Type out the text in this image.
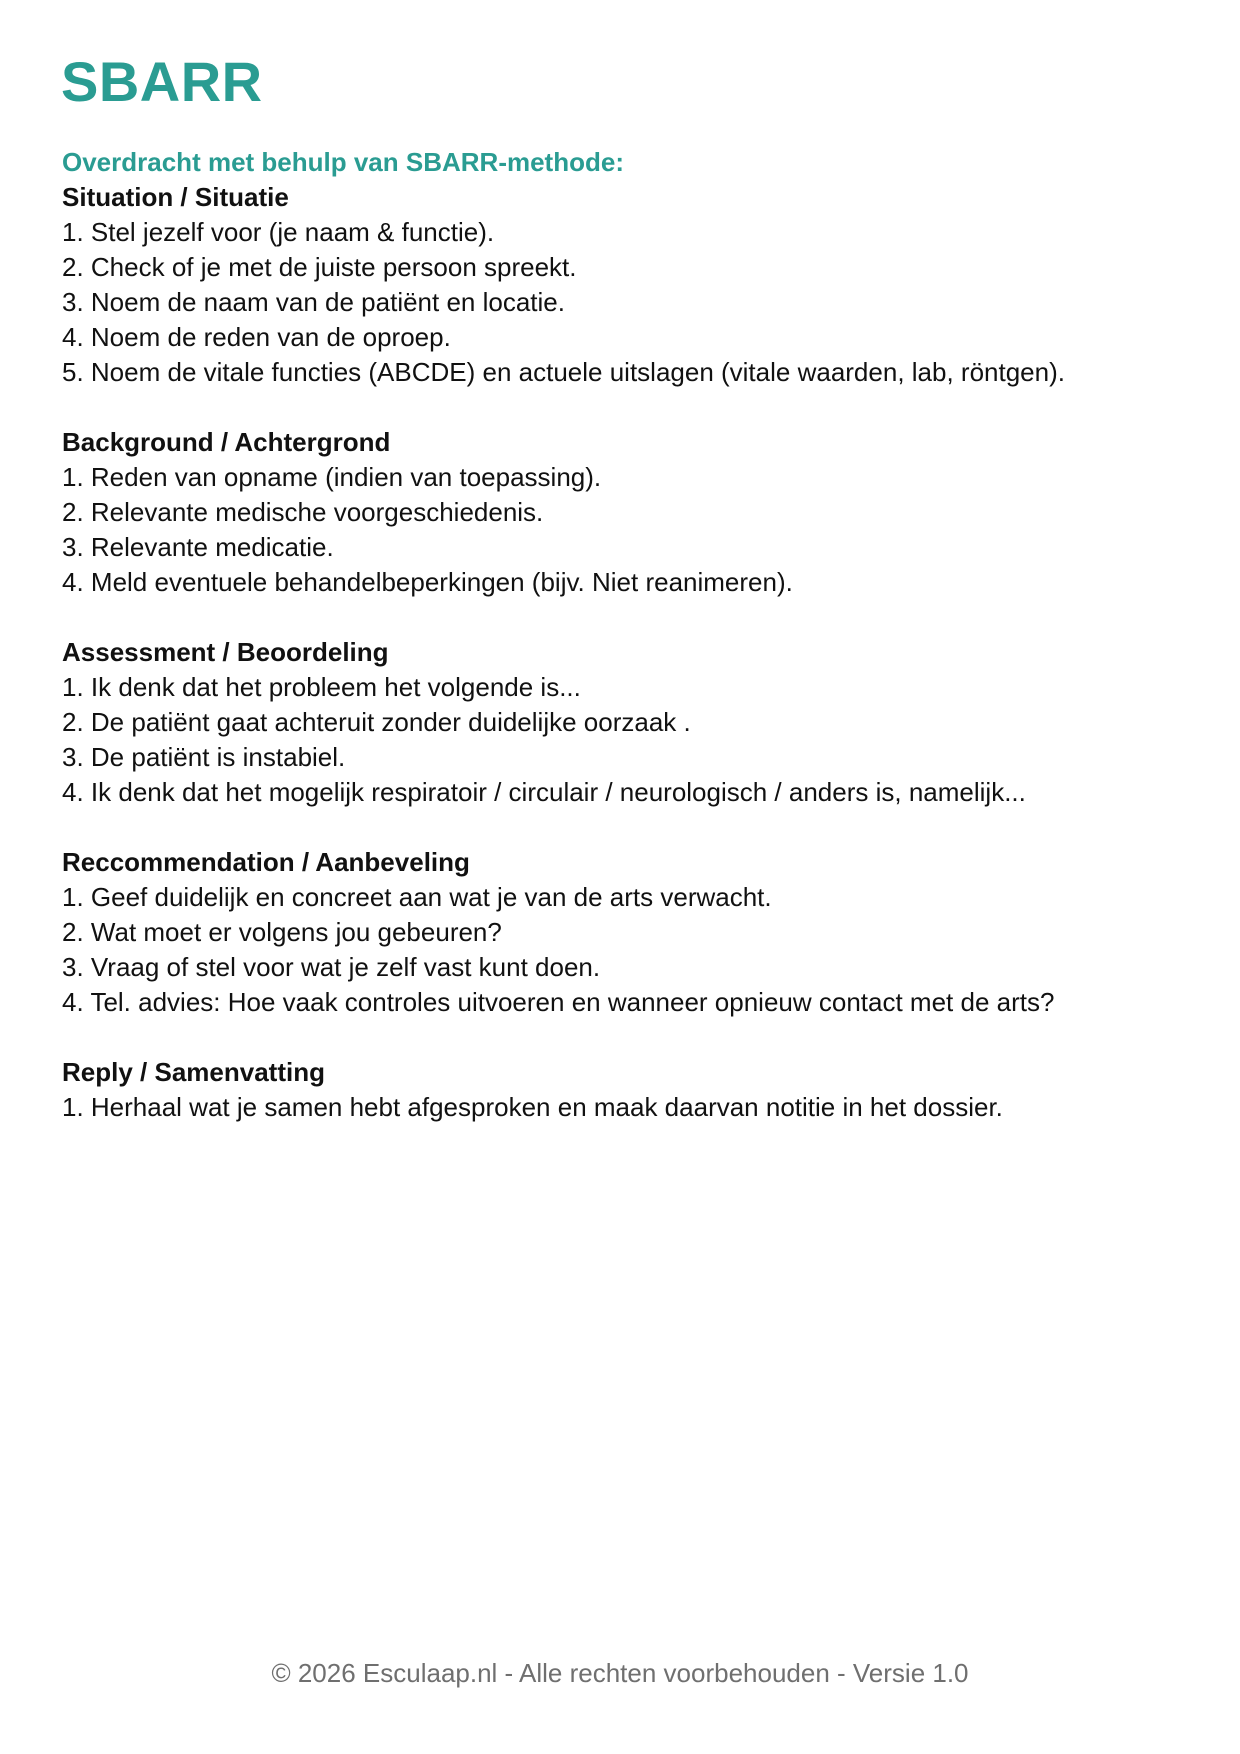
SBARR
Overdracht met behulp van SBARR-methode:
Situation / Situatie
1. Stel jezelf voor (je naam & functie).
2. Check of je met de juiste persoon spreekt.
3. Noem de naam van de patiënt en locatie.
4. Noem de reden van de oproep.
5. Noem de vitale functies (ABCDE) en actuele uitslagen (vitale waarden, lab, röntgen).
Background / Achtergrond
1. Reden van opname (indien van toepassing).
2. Relevante medische voorgeschiedenis.
3. Relevante medicatie.
4. Meld eventuele behandelbeperkingen (bijv. Niet reanimeren).
Assessment / Beoordeling
1. Ik denk dat het probleem het volgende is...
2. De patiënt gaat achteruit zonder duidelijke oorzaak .
3. De patiënt is instabiel.
4. Ik denk dat het mogelijk respiratoir / circulair / neurologisch / anders is, namelijk...
Reccommendation / Aanbeveling
1. Geef duidelijk en concreet aan wat je van de arts verwacht.
2. Wat moet er volgens jou gebeuren?
3. Vraag of stel voor wat je zelf vast kunt doen.
4. Tel. advies: Hoe vaak controles uitvoeren en wanneer opnieuw contact met de arts?
Reply / Samenvatting
1. Herhaal wat je samen hebt afgesproken en maak daarvan notitie in het dossier.
© 2026 Esculaap.nl - Alle rechten voorbehouden - Versie 1.0
